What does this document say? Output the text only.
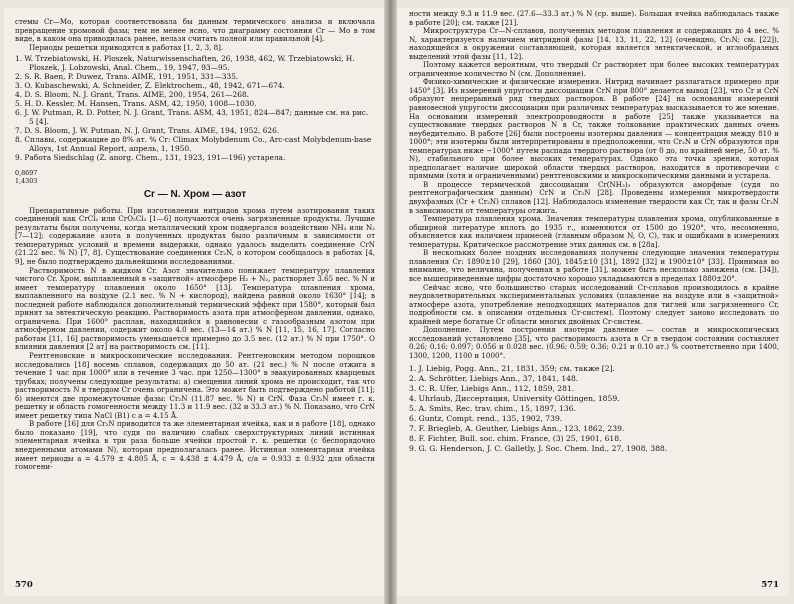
стемы Cr—Mo, которая соответствовала бы данным термического анализа и включала превращение хромовой фазы; тем не менее ясно, что диаграмму состояния Cr — Mo в том виде, в каком она приводилась ранее, нельзя считать полной или правильной [4].

Периоды решетки приводятся в работах [1, 2, 3, 8].

1. W. Trzebiatowski, H. Ploszek, Naturwissenschaften, 26, 1938, 462, W. Trzebiatowski, H. Ploszek, J. Lobzowski, Anal. Chem., 19, 1947, 93—95.
2. S. R. Baen, P. Duwez, Trans. AIME, 191, 1951, 331—335.
3. O. Kubaschewski, A. Schneider, Z. Elektrochem., 48, 1942, 671—674.
4. D. S. Bloom, N. J. Grant, Trans. AIME, 200, 1954, 261—268.
5. H. D. Kessler, M. Hansen, Trans. ASM, 42, 1950, 1008—1030.
6. J. W. Putman, R. D. Potter, N. J. Grant, Trans. ASM, 43, 1951, 824—847; данные см. на рис. 5 [4].
7. D. S. Bloom, J. W. Putman, N. J. Grant, Trans. AIME, 194, 1952, 626.
8. Сплавы, содержащие до 8% ат. % Cr: Climax Molybdenum Co., Arc-cast Molybdenum-base Alloys, 1st Annual Report, апрель, 1, 1950.
9. Работа Siedschlag (Z. anorg. Chem., 131, 1923, 191—196) устарела.
0,8697
1,4303
Cr — N. Хром — азот

Препаративные работы. При изготовлении нитридов хрома путем азотирования таких соединений как CrCl₂ или CrO₂Cl₂ [1—6] получаются очень загрязненные продукты. Лучшие результаты были получены, когда металлический хром подвергался воздействию NH₃ или N₂ [7—12]; содержание азота в полученных продуктах было различным в зависимости от температурных условий и времени выдержки, однако удалось выделить соединение CrN (21.22 вес. % N) [7, 8]. Существование соединения Cr₂N, о котором сообщалось в работах [4, 9], не было подтверждено дальнейшими исследованиями.

Растворимость N в жидком Cr. Азот значительно понижает температуру плавления чистого Cr. Хром, выплавленный в «защитной» атмосфере H₂ + N₂, растворяет 3.65 вес. % N и имеет температуру плавления около 1650° [13]. Температура плавления хрома, выплавленного на воздухе (2.1 вес. % N + кислород), найдена равной около 1630° [14]; в последней работе наблюдался дополнительный термический эффект при 1580°, который был принят за эвтектическую реакцию. Растворимость азота при атмосферном давлении, однако, ограничена. При 1600° расплав, находящийся в равновесии с газообразным азотом при атмосферном давлении, содержит около 4.0 вес. (13—14 ат.) % N [11, 15, 16, 17]. Согласно работам [11, 16] растворимость уменьшается примерно до 3.5 вес. (12 ат.) % N при 1750°. О влиянии давления [2 ат] на растворимость см. [11].

Рентгеновские и микроскопические исследования. Рентгеновским методом порошков исследовались [18] восемь сплавов, содержащих до 50 ат. (21 вес.) % N после отжига в течение 1 час при 1000° или в течение 3 час. при 1250—1300° в эвакуированных кварцевых трубках; получены следующие результаты: а) смещения линий хрома не происходит, так что растворимость N в твердом Cr очень ограничена. Это может быть подтверждено работой [11]; б) имеются две промежуточные фазы: Cr₂N (11.87 вес. % N) и CrN. Фаза Cr₂N имеет г. к. решетку и область гомогенности между 11.3 и 11.9 вес. (32 и 33.3 ат.) % N. Показано, что CrN имеет решетку типа NaCl (B1) с a = 4.15 Å.

В работе [16] для Cr₂N приводится та же элементарная ячейка, как и в работе [18], однако было показано [19], что судя по наличию слабых сверхструктурных линий истинная элементарная ячейка в три раза больше ячейки простой г. к. решетки (с беспорядочно внедренными атомами N), которая предполагалась ранее. Истинная элементарная ячейка имеет периоды a = 4.579 ± 4.805 Å, c = 4.438 ± 4.479 Å, c/a = 0.933 ± 0.932 для области гомогени-

570

ности между 9.3 и 11.9 вес. (27.6—33.3 ат.) % N (ср. выше). Большая ячейка наблюдалась также в работе [20]; см. также [21].

Микроструктура Cr—N-сплавов, полученных методом плавления и содержащих до 4 вес. % N, характеризуется наличием нитридной фазы [14, 13, 11, 22, 12] (очевидно, Cr₂N; см. [22]), находящейся в окружении составляющей, которая является эвтектической, и иглообразных выделений этой фазы [11, 12].

Поэтому кажется вероятным, что твердый Cr растворяет при более высоких температурах ограниченное количество N (см. Дополнение).

Физико-химические и физические измерения. Нитрид начинает разлагаться примерно при 1450° [3]. Из измерений упругости диссоциации CrN при 800° делается вывод [23], что Cr и CrN образуют непрерывный ряд твердых растворов. В работе [24] на основании измерений равновесной упругости диссоциации при различных температурах высказывается то же мнение. На основании измерений электропроводности в работе [25] также указывается на существование твердых растворов N в Cr, также толкование практических данных очень неубедительно. В работе [26] были построены изотермы давления — концентрация между 810 и 1000°; эти изотермы были интерпретированы в предположении, что Cr₂N и CrN образуются при температурах ниже ~1000° путем распада твердого раствора (от 0 до, по крайней мере, 50 ат. % N), стабильного при более высоких температурах. Однако эта точка зрения, которая предполагает наличие широкой области твердых растворов, находится в противоречии с прямыми (хотя и ограниченными) рентгеновскими и микроскопическими данными и устарела.

В процессе термической диссоциации Cr(NH₃)₃ образуются аморфные (судя по рентгенографическим данным) CrN и Cr₂N [28]. Проведены измерения микротвердости двухфазных (Cr + Cr₂N) сплавов [12]. Наблюдалось изменение твердости как Cr, так и фазы Cr₂N в зависимости от температуры отжига.

Температура плавления хрома. Значения температуры плавления хрома, опубликованные в обширной литературе вплоть до 1935 г., изменяются от 1500 до 1920°, что, несомненно, объясняется как наличием примесей (главным образом N, O, C), так и ошибками в измерениях температуры. Критическое рассмотрение этих данных см. в [28а].

В нескольких более поздних исследованиях получены следующие значения температуры плавления Cr: 1890±10 [29], 1860 [30], 1845±10 [31], 1892 [32] и 1900±10° [33]. Принимая во внимание, что величина, полученная в работе [31], может быть несколько занижена (см. [34]), все вышеприведенные цифры достаточно хорошо укладываются в пределах 1880±20°.

Сейчас ясно, что большинство старых исследований Cr-сплавов производилось в крайне неудовлетворительных экспериментальных условиях (плавление на воздухе или в «защитной» атмосфере азота, употребление неподходящих материалов для тиглей или загрязненного Cr, подробности см. в описании отдельных Cr-систем). Поэтому следует заново исследовать по крайней мере богатые Cr области многих двойных Cr-систем.

Дополнение. Путем построения изотерм давление — состав и микроскопических исследований установлено [35], что растворимость азота в Cr в твердом состоянии составляет 0.26; 0.16; 0.097; 0.056 и 0.028 вес. (0.96; 0.59; 0.36; 0.21 и 0.10 ат.) % соответственно при 1400, 1300, 1200, 1100 и 1000°.

1. J. Liebig, Pogg. Ann., 21, 1831, 359; см. также [2].
2. A. Schrötter, Liebigs Ann., 37, 1841, 148.
3. C. R. Ufer, Liebigs Ann., 112, 1859, 281.
4. Uhrlaub, Диссертация, University Göttingen, 1859.
5. A. Smits, Rec. trav. chim., 15, 1897, 136.
6. Guntz, Compt. rend., 135, 1902, 739.
7. F. Briegleb, A. Geuther, Liebigs Ann., 123, 1862, 239.
8. F. Fichter, Bull. soc. chim. France, (3) 25, 1901, 618.
9. G. G. Henderson, J. C. Galletly, J. Soc. Chem. Ind., 27, 1908, 388.
571
